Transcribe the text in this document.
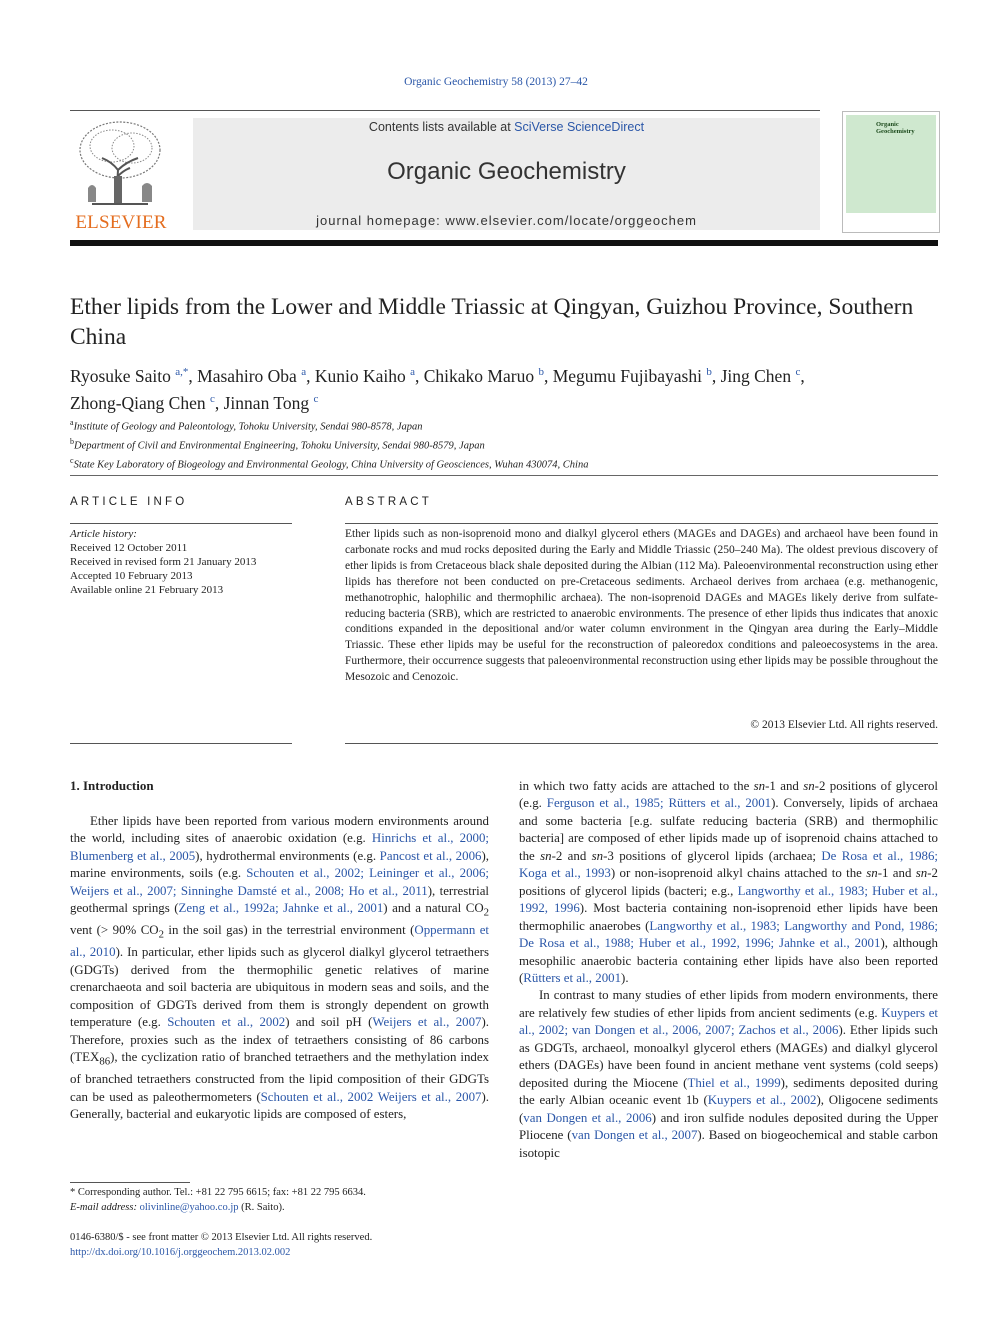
Organic Geochemistry 58 (2013) 27–42
ELSEVIER
Contents lists available at SciVerse ScienceDirect
Organic Geochemistry
journal homepage: www.elsevier.com/locate/orggeochem
Organic Geochemistry
Ether lipids from the Lower and Middle Triassic at Qingyan, Guizhou Province, Southern China
Ryosuke Saito $^{a,*}$, Masahiro Oba $^a$, Kunio Kaiho $^a$, Chikako Maruo $^b$, Megumu Fujibayashi $^b$, Jing Chen $^c$,
Zhong-Qiang Chen $^c$, Jinnan Tong $^c$
$^a$Institute of Geology and Paleontology, Tohoku University, Sendai 980-8578, Japan
$^b$Department of Civil and Environmental Engineering, Tohoku University, Sendai 980-8579, Japan
$^c$State Key Laboratory of Biogeology and Environmental Geology, China University of Geosciences, Wuhan 430074, China
ARTICLE INFO	ABSTRACT
Article history:
Received 12 October 2011
Received in revised form 21 January 2013
Accepted 10 February 2013
Available online 21 February 2013
Ether lipids such as non-isoprenoid mono and dialkyl glycerol ethers (MAGEs and DAGEs) and archaeol have been found in carbonate rocks and mud rocks deposited during the Early and Middle Triassic (250–240 Ma). The oldest previous discovery of ether lipids is from Cretaceous black shale deposited during the Albian (112 Ma). Paleoenvironmental reconstruction using ether lipids has therefore not been conducted on pre-Cretaceous sediments. Archaeol derives from archaea (e.g. methanogenic, methanotrophic, halophilic and thermophilic archaea). The non-isoprenoid DAGEs and MAGEs likely derive from sulfate-reducing bacteria (SRB), which are restricted to anaerobic environments. The presence of ether lipids thus indicates that anoxic conditions expanded in the depositional and/or water column environment in the Qingyan area during the Early–Middle Triassic. These ether lipids may be useful for the reconstruction of paleoredox conditions and paleoecosystems in the area. Furthermore, their occurrence suggests that paleoenvironmental reconstruction using ether lipids may be possible throughout the Mesozoic and Cenozoic.
© 2013 Elsevier Ltd. All rights reserved.
1. Introduction
Ether lipids have been reported from various modern environments around the world, including sites of anaerobic oxidation (e.g. Hinrichs et al., 2000; Blumenberg et al., 2005), hydrothermal environments (e.g. Pancost et al., 2006), marine environments, soils (e.g. Schouten et al., 2002; Leininger et al., 2006; Weijers et al., 2007; Sinninghe Damsté et al., 2008; Ho et al., 2011), terrestrial geothermal springs (Zeng et al., 1992a; Jahnke et al., 2001) and a natural $CO_2$ vent (> 90% $CO_2$ in the soil gas) in the terrestrial environment (Oppermann et al., 2010). In particular, ether lipids such as glycerol dialkyl glycerol tetraethers (GDGTs) derived from the thermophilic genetic relatives of marine crenarchaeota and soil bacteria are ubiquitous in modern seas and soils, and the composition of GDGTs derived from them is strongly dependent on growth temperature (e.g. Schouten et al., 2002) and soil pH (Weijers et al., 2007). Therefore, proxies such as the index of tetraethers consisting of 86 carbons $(TEX_{86})$, the cyclization ratio of branched tetraethers and the methylation index of branched tetraethers constructed from the lipid composition of their GDGTs can be used as paleothermometers (Schouten et al., 2002 Weijers et al., 2007). Generally, bacterial and eukaryotic lipids are composed of esters,

in which two fatty acids are attached to the sn-1 and sn-2 positions of glycerol (e.g. Ferguson et al., 1985; Rütters et al., 2001). Conversely, lipids of archaea and some bacteria [e.g. sulfate reducing bacteria (SRB) and thermophilic bacteria] are composed of ether lipids made up of isoprenoid chains attached to the sn-2 and sn-3 positions of glycerol lipids (archaea; De Rosa et al., 1986; Koga et al., 1993) or non-isoprenoid alkyl chains attached to the sn-1 and sn-2 positions of glycerol lipids (bacteri; e.g., Langworthy et al., 1983; Huber et al., 1992, 1996). Most bacteria containing non-isoprenoid ether lipids have been thermophilic anaerobes (Langworthy et al., 1983; Langworthy and Pond, 1986; De Rosa et al., 1988; Huber et al., 1992, 1996; Jahnke et al., 2001), although mesophilic anaerobic bacteria containing ether lipids have also been reported (Rütters et al., 2001).

In contrast to many studies of ether lipids from modern environments, there are relatively few studies of ether lipids from ancient sediments (e.g. Kuypers et al., 2002; van Dongen et al., 2006, 2007; Zachos et al., 2006). Ether lipids such as GDGTs, archaeol, monoalkyl glycerol ethers (MAGEs) and dialkyl glycerol ethers (DAGEs) have been found in ancient methane vent systems (cold seeps) deposited during the Miocene (Thiel et al., 1999), sediments deposited during the early Albian oceanic event 1b (Kuypers et al., 2002), Oligocene sediments (van Dongen et al., 2006) and iron sulfide nodules deposited during the Upper Pliocene (van Dongen et al., 2007). Based on biogeochemical and stable carbon isotopic

* Corresponding author. Tel.: +81 22 795 6615; fax: +81 22 795 6634.
E-mail address: olivinline@yahoo.co.jp (R. Saito).
0146-6380/$ - see front matter © 2013 Elsevier Ltd. All rights reserved.
http://dx.doi.org/10.1016/j.orggeochem.2013.02.002
